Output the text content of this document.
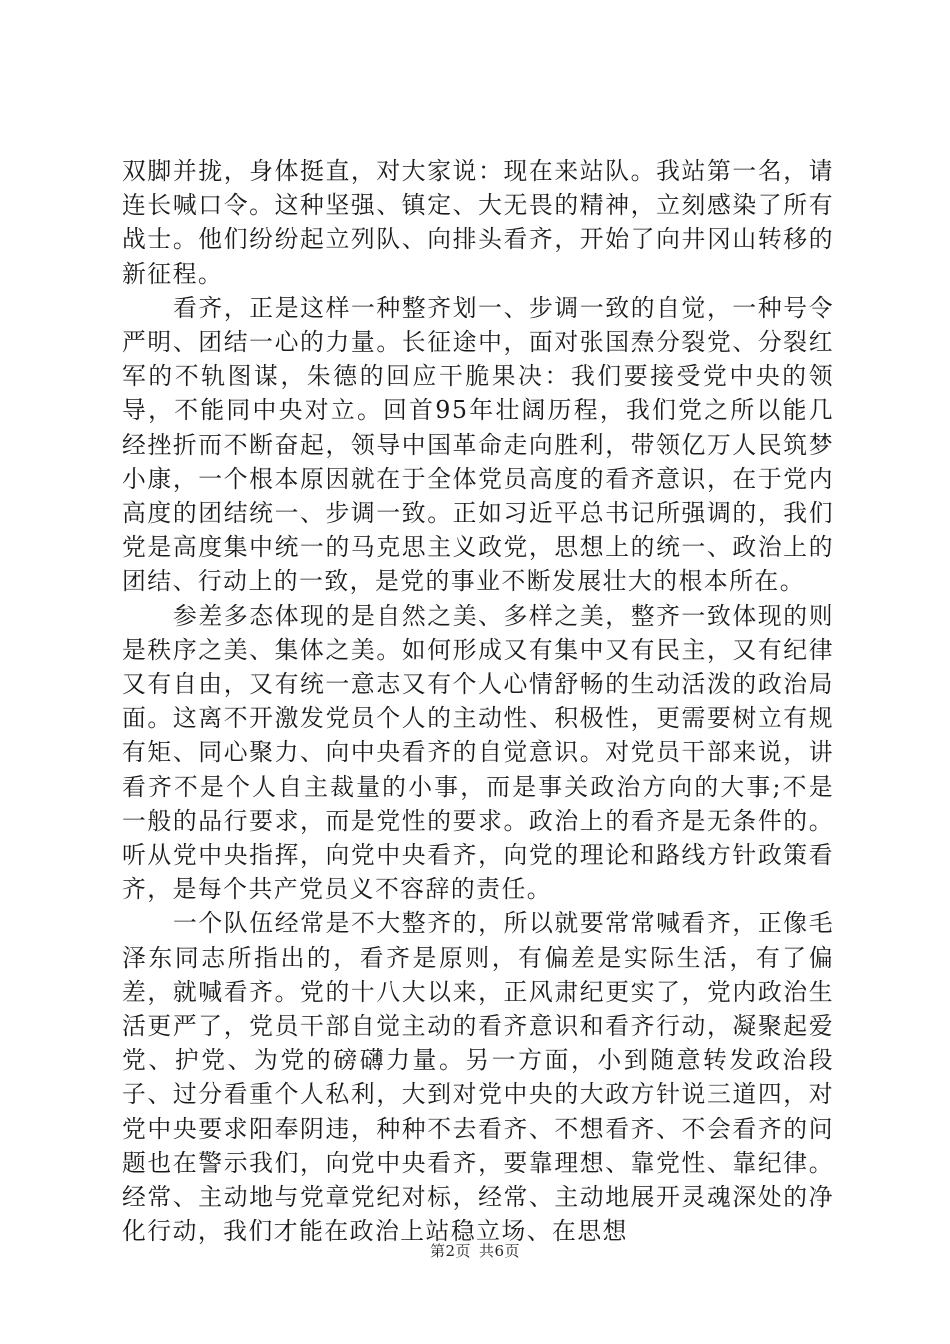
双脚并拢，身体挺直，对大家说：现在来站队。我站第一名，请连长喊口令。这种坚强、镇定、大无畏的精神，立刻感染了所有战士。他们纷纷起立列队、向排头看齐，开始了向井冈山转移的新征程。

看齐，正是这样一种整齐划一、步调一致的自觉，一种号令严明、团结一心的力量。长征途中，面对张国焘分裂党、分裂红军的不轨图谋，朱德的回应干脆果决：我们要接受党中央的领导，不能同中央对立。回首95年壮阔历程，我们党之所以能几经挫折而不断奋起，领导中国革命走向胜利，带领亿万人民筑梦小康，一个根本原因就在于全体党员高度的看齐意识，在于党内高度的团结统一、步调一致。正如习近平总书记所强调的，我们党是高度集中统一的马克思主义政党，思想上的统一、政治上的团结、行动上的一致，是党的事业不断发展壮大的根本所在。

参差多态体现的是自然之美、多样之美，整齐一致体现的则是秩序之美、集体之美。如何形成又有集中又有民主，又有纪律又有自由，又有统一意志又有个人心情舒畅的生动活泼的政治局面。这离不开激发党员个人的主动性、积极性，更需要树立有规有矩、同心聚力、向中央看齐的自觉意识。对党员干部来说，讲看齐不是个人自主裁量的小事，而是事关政治方向的大事;不是一般的品行要求，而是党性的要求。政治上的看齐是无条件的。听从党中央指挥，向党中央看齐，向党的理论和路线方针政策看齐，是每个共产党员义不容辞的责任。

一个队伍经常是不大整齐的，所以就要常常喊看齐，正像毛泽东同志所指出的，看齐是原则，有偏差是实际生活，有了偏差，就喊看齐。党的十八大以来，正风肃纪更实了，党内政治生活更严了，党员干部自觉主动的看齐意识和看齐行动，凝聚起爱党、护党、为党的磅礴力量。另一方面，小到随意转发政治段子、过分看重个人私利，大到对党中央的大政方针说三道四，对党中央要求阳奉阴违，种种不去看齐、不想看齐、不会看齐的问题也在警示我们，向党中央看齐，要靠理想、靠党性、靠纪律。经常、主动地与党章党纪对标，经常、主动地展开灵魂深处的净化行动，我们才能在政治上站稳立场、在思想

第2页 共6页
